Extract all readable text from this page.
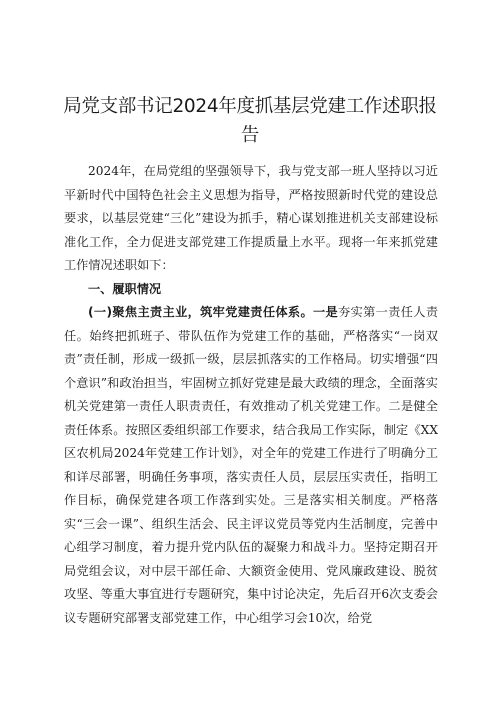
局党支部书记2024年度抓基层党建工作述职报告

2024年，在局党组的坚强领导下，我与党支部一班人坚持以习近平新时代中国特色社会主义思想为指导，严格按照新时代党的建设总要求，以基层党建“三化”建设为抓手，精心谋划推进机关支部建设标准化工作，全力促进支部党建工作提质量上水平。现将一年来抓党建工作情况述职如下：

一、履职情况

(一)聚焦主责主业，筑牢党建责任体系。一是夯实第一责任人责任。始终把抓班子、带队伍作为党建工作的基础，严格落实“一岗双责”责任制，形成一级抓一级，层层抓落实的工作格局。切实增强“四个意识”和政治担当，牢固树立抓好党建是最大政绩的理念，全面落实机关党建第一责任人职责责任，有效推动了机关党建工作。二是健全责任体系。按照区委组织部工作要求，结合我局工作实际，制定《XX区农机局2024年党建工作计划》，对全年的党建工作进行了明确分工和详尽部署，明确任务事项，落实责任人员，层层压实责任，指明工作目标，确保党建各项工作落到实处。三是落实相关制度。严格落实“三会一课”、组织生活会、民主评议党员等党内生活制度，完善中心组学习制度，着力提升党内队伍的凝聚力和战斗力。坚持定期召开局党组会议，对中层干部任命、大额资金使用、党风廉政建设、脱贫攻坚、等重大事宜进行专题研究，集中讨论决定，先后召开6次支委会议专题研究部署支部党建工作，中心组学习会10次，给党
